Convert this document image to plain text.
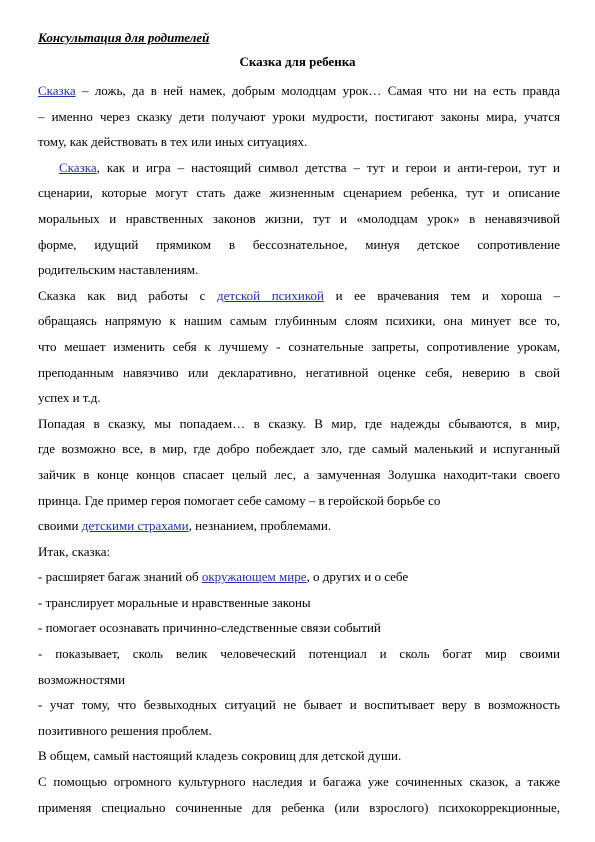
Консультация для родителей
Сказка для ребенка
Сказка – ложь, да в ней намек, добрым молодцам урок… Самая что ни на есть правда
– именно через сказку дети получают уроки мудрости, постигают законы мира, учатся
тому, как действовать в тех или иных ситуациях.
Сказка, как и игра – настоящий символ детства – тут и герои и анти-герои, тут и
сценарии, которые могут стать даже жизненным сценарием ребенка, тут и описание
моральных и нравственных законов жизни, тут и «молодцам урок» в ненавязчивой
форме, идущий прямиком в бессознательное, минуя детское сопротивление
родительским наставлениям.
Сказка как вид работы с детской психикой и ее врачевания тем и хороша –
обращаясь напрямую к нашим самым глубинным слоям психики, она минует все то,
что мешает изменить себя к лучшему - сознательные запреты, сопротивление урокам,
преподанным навязчиво или декларативно, негативной оценке себя, неверию в свой
успех и т.д.
Попадая в сказку, мы попадаем… в сказку. В мир, где надежды сбываются, в мир,
где возможно все, в мир, где добро побеждает зло, где самый маленький и испуганный
зайчик в конце концов спасает целый лес, а замученная Золушка находит-таки своего
принца. Где пример героя помогает себе самому – в геройской борьбе со
своими детскими страхами, незнанием, проблемами.
Итак, сказка:
- расширяет багаж знаний об окружающем мире, о других и о себе
- транслирует моральные и нравственные законы
- помогает осознавать причинно-следственные связи событий
- показывает, сколь велик человеческий потенциал и сколь богат мир своими
возможностями
- учат тому, что безвыходных ситуаций не бывает и воспитывает веру в возможность
позитивного решения проблем.
В общем, самый настоящий кладезь сокровищ для детской души.
С помощью огромного культурного наследия и багажа уже сочиненных сказок, а также
применяя специально сочиненные для ребенка (или взрослого) психокоррекционные,
